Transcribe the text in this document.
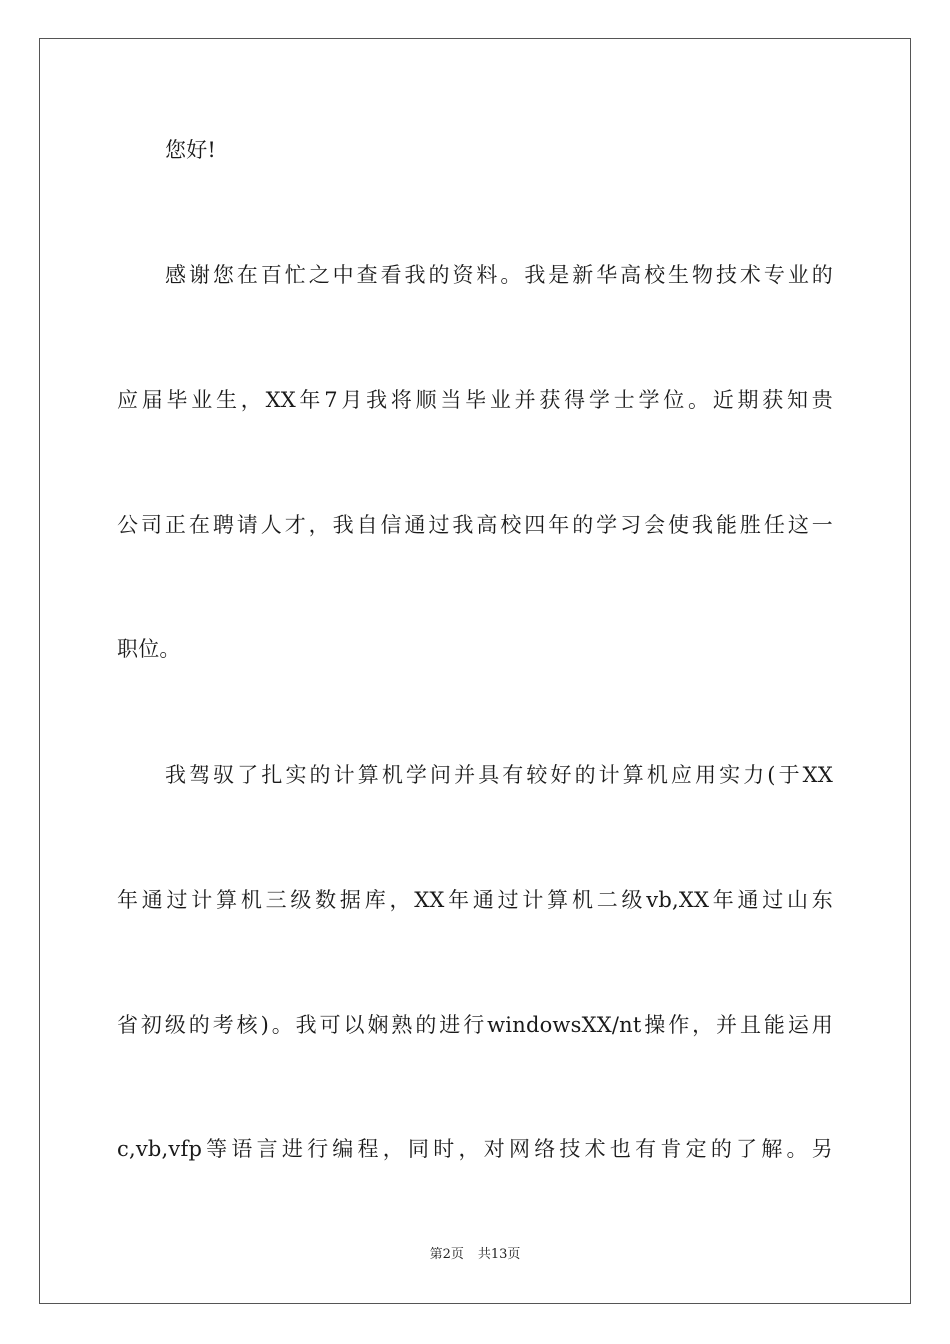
您好!
感谢您在百忙之中查看我的资料。我是新华高校生物技术专业的
应届毕业生，XX年7月我将顺当毕业并获得学士学位。近期获知贵
公司正在聘请人才，我自信通过我高校四年的学习会使我能胜任这一
职位。
我驾驭了扎实的计算机学问并具有较好的计算机应用实力(于XX
年通过计算机三级数据库，XX年通过计算机二级vb,XX年通过山东
省初级的考核)。我可以娴熟的进行windowsXX/nt操作，并且能运用
c,vb,vfp等语言进行编程，同时，对网络技术也有肯定的了解。另
第2页 共13页
